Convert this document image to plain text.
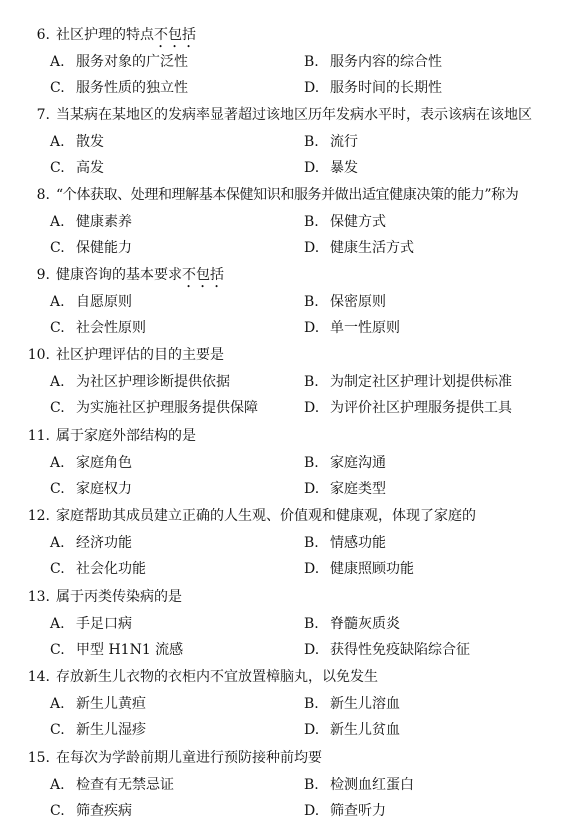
6. 社区护理的特点不包括
A. 服务对象的广泛性	B. 服务内容的综合性
C. 服务性质的独立性	D. 服务时间的长期性
7. 当某病在某地区的发病率显著超过该地区历年发病水平时，表示该病在该地区
A. 散发	B. 流行
C. 高发	D. 暴发
8. “个体获取、处理和理解基本保健知识和服务并做出适宜健康决策的能力”称为
A. 健康素养	B. 保健方式
C. 保健能力	D. 健康生活方式
9. 健康咨询的基本要求不包括
A. 自愿原则	B. 保密原则
C. 社会性原则	D. 单一性原则
10. 社区护理评估的目的主要是
A. 为社区护理诊断提供依据	B. 为制定社区护理计划提供标准
C. 为实施社区护理服务提供保障	D. 为评价社区护理服务提供工具
11. 属于家庭外部结构的是
A. 家庭角色	B. 家庭沟通
C. 家庭权力	D. 家庭类型
12. 家庭帮助其成员建立正确的人生观、价值观和健康观，体现了家庭的
A. 经济功能	B. 情感功能
C. 社会化功能	D. 健康照顾功能
13. 属于丙类传染病的是
A. 手足口病	B. 脊髓灰质炎
C. 甲型 H1N1 流感	D. 获得性免疫缺陷综合征
14. 存放新生儿衣物的衣柜内不宜放置樟脑丸，以免发生
A. 新生儿黄疸	B. 新生儿溶血
C. 新生儿湿疹	D. 新生儿贫血
15. 在每次为学龄前期儿童进行预防接种前均要
A. 检查有无禁忌证	B. 检测血红蛋白
C. 筛查疾病	D. 筛查听力
